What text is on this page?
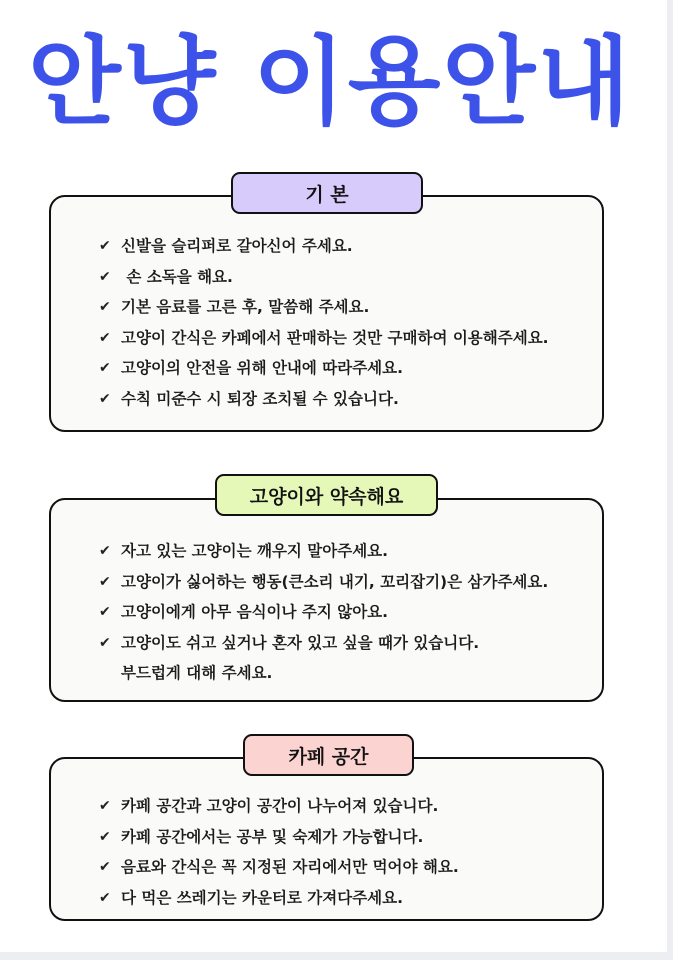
안냥 이용안내
✔ 신발을 슬리퍼로 갈아신어 주세요.
✔ 손 소독을 해요.
✔ 기본 음료를 고른 후, 말씀해 주세요.
✔ 고양이 간식은 카페에서 판매하는 것만 구매하여 이용해주세요.
✔ 고양이의 안전을 위해 안내에 따라주세요.
✔ 수칙 미준수 시 퇴장 조치될 수 있습니다.
기 본
✔ 자고 있는 고양이는 깨우지 말아주세요.
✔ 고양이가 싫어하는 행동(큰소리 내기, 꼬리잡기)은 삼가주세요.
✔ 고양이에게 아무 음식이나 주지 않아요.
✔ 고양이도 쉬고 싶거나 혼자 있고 싶을 때가 있습니다.
부드럽게 대해 주세요.
고양이와 약속해요
✔ 카페 공간과 고양이 공간이 나누어져 있습니다.
✔ 카페 공간에서는 공부 및 숙제가 가능합니다.
✔ 음료와 간식은 꼭 지정된 자리에서만 먹어야 해요.
✔ 다 먹은 쓰레기는 카운터로 가져다주세요.
카페 공간
